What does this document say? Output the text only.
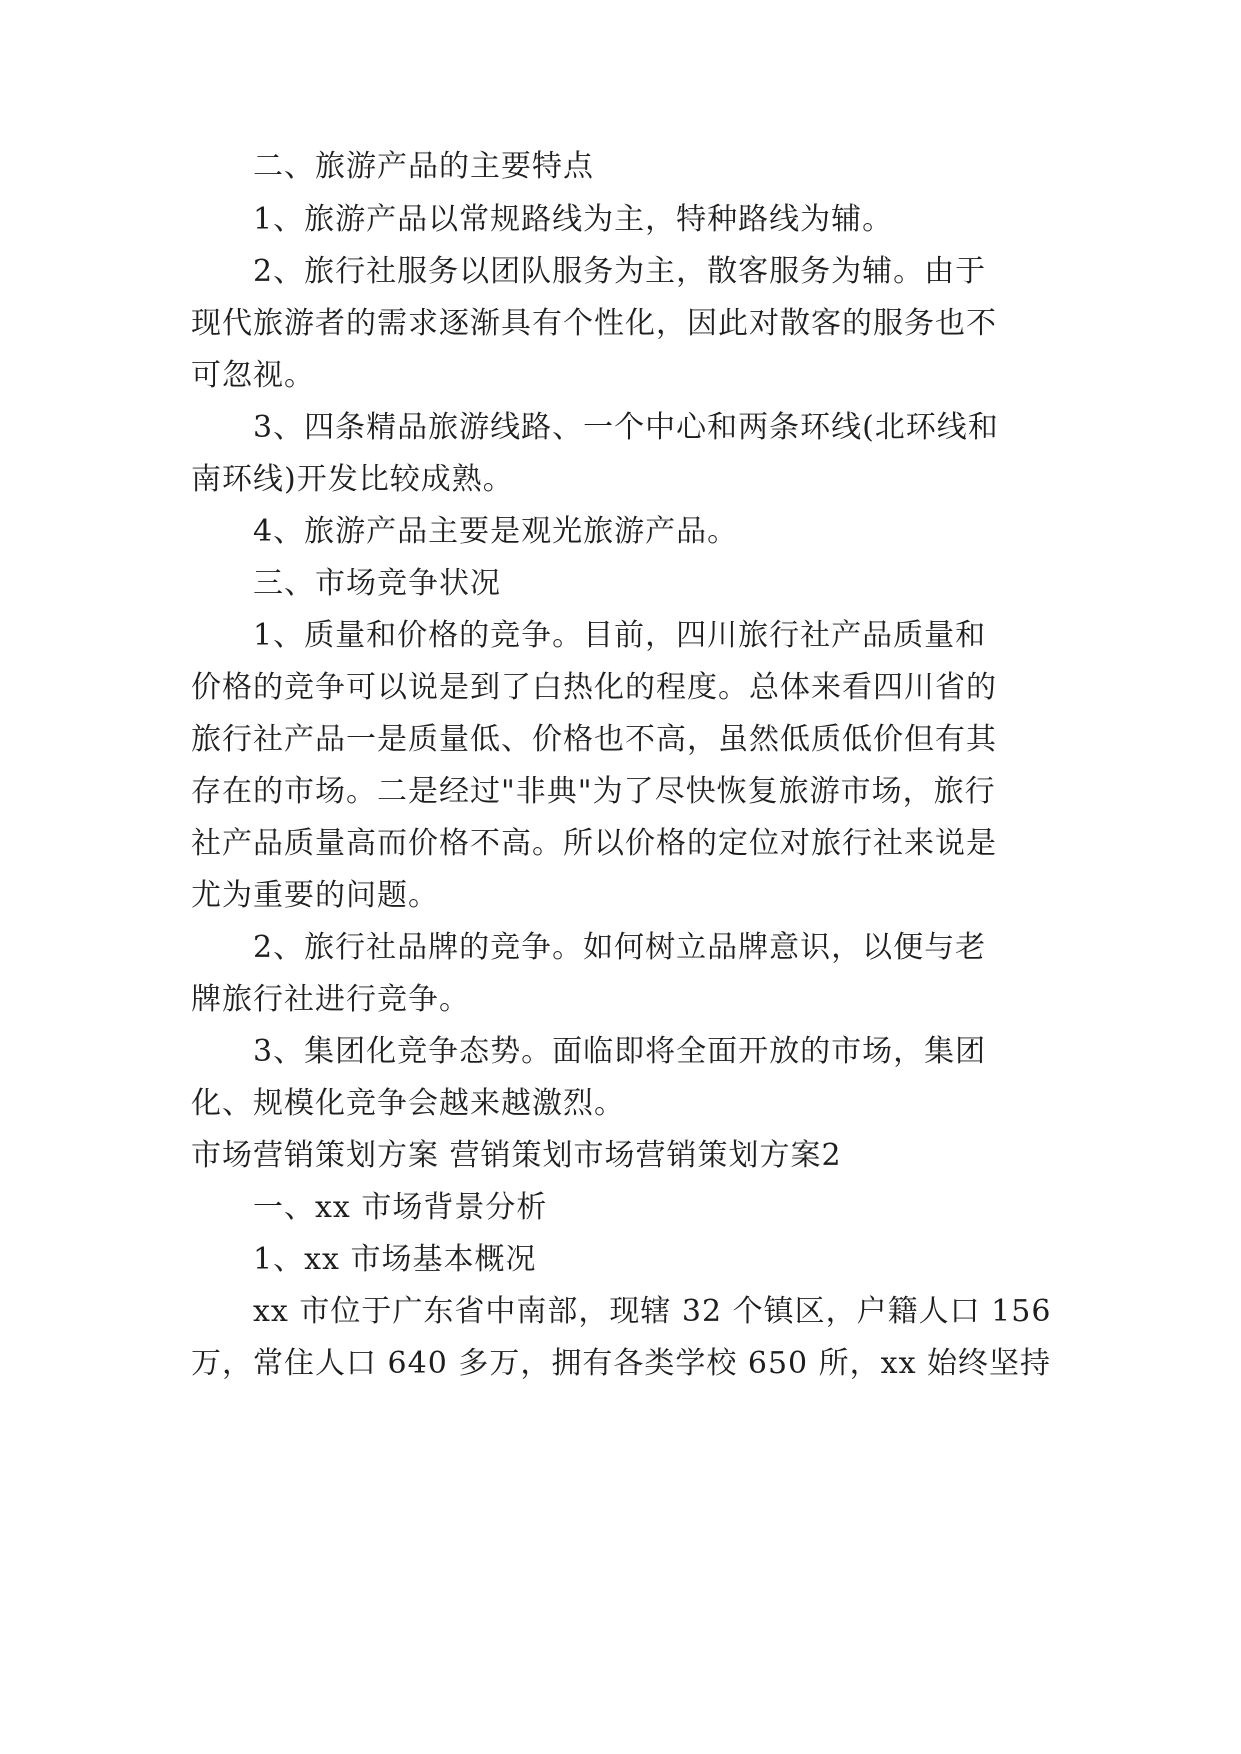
二、旅游产品的主要特点
1、旅游产品以常规路线为主，特种路线为辅。
2、旅行社服务以团队服务为主，散客服务为辅。由于
现代旅游者的需求逐渐具有个性化，因此对散客的服务也不
可忽视。
3、四条精品旅游线路、一个中心和两条环线(北环线和
南环线)开发比较成熟。
4、旅游产品主要是观光旅游产品。
三、市场竞争状况
1、质量和价格的竞争。目前，四川旅行社产品质量和
价格的竞争可以说是到了白热化的程度。总体来看四川省的
旅行社产品一是质量低、价格也不高，虽然低质低价但有其
存在的市场。二是经过"非典"为了尽快恢复旅游市场，旅行
社产品质量高而价格不高。所以价格的定位对旅行社来说是
尤为重要的问题。
2、旅行社品牌的竞争。如何树立品牌意识，以便与老
牌旅行社进行竞争。
3、集团化竞争态势。面临即将全面开放的市场，集团
化、规模化竞争会越来越激烈。
市场营销策划方案 营销策划市场营销策划方案2
一、xx 市场背景分析
1、xx 市场基本概况
xx 市位于广东省中南部，现辖 32 个镇区，户籍人口 156
万，常住人口 640 多万，拥有各类学校 650 所，xx 始终坚持
